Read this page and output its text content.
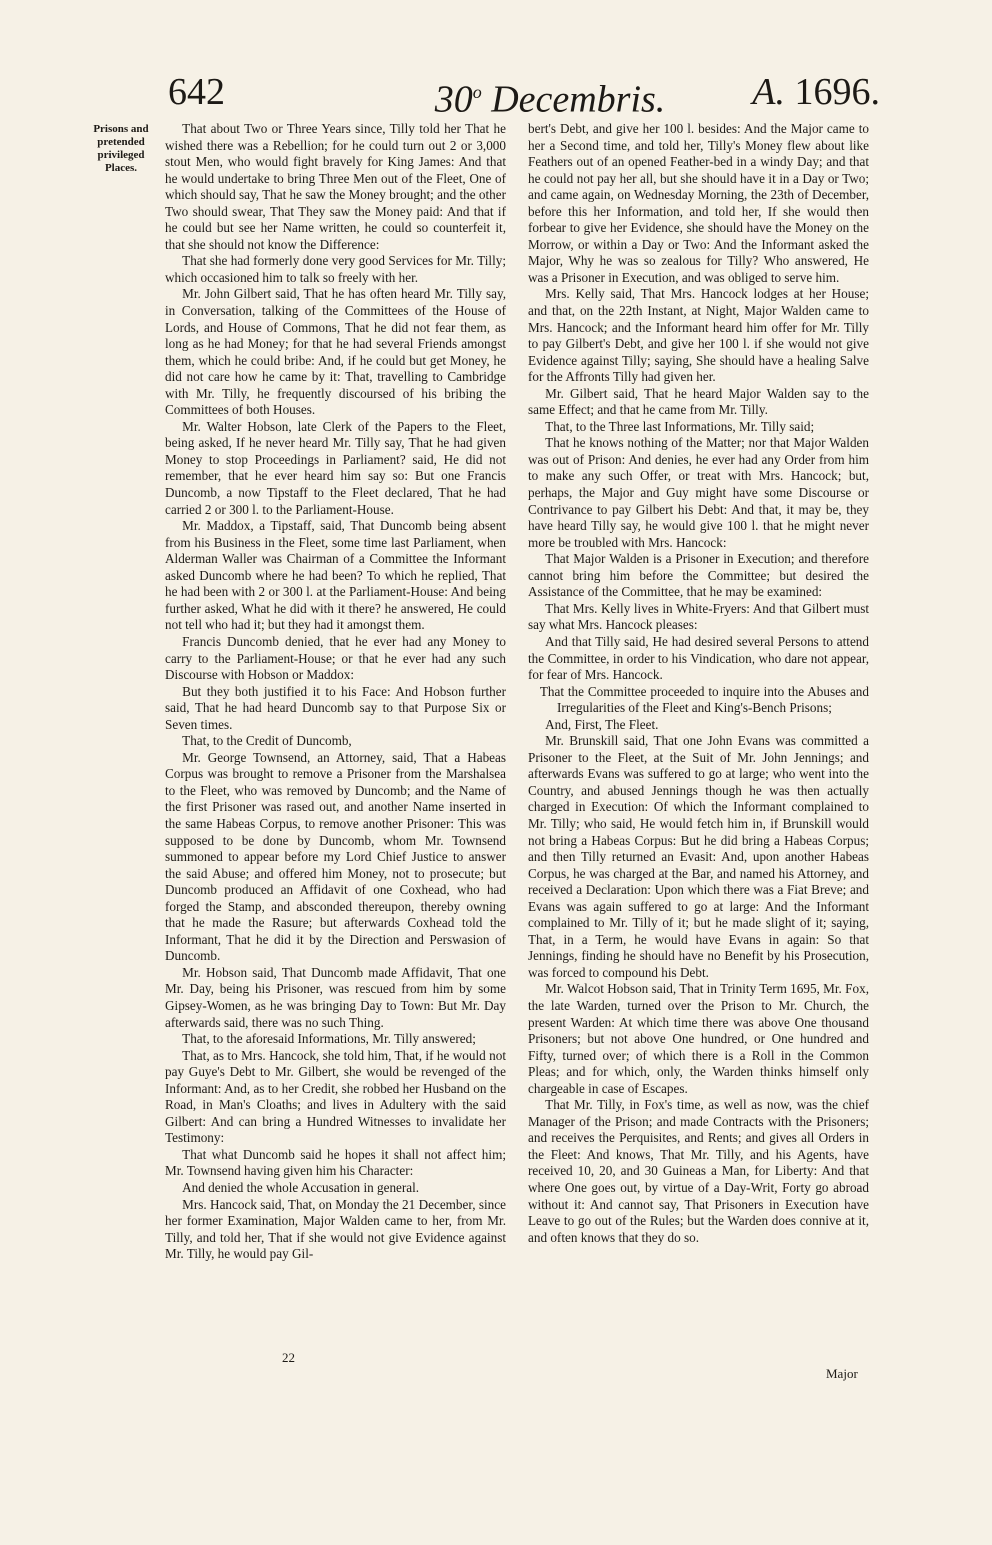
642	30$^o$ Decembris. A. 1696.
Prisons and pretended privileged Places.

That about Two or Three Years since, Tilly told her That he wished there was a Rebellion; for he could turn out 2 or 3,000 stout Men, who would fight bravely for King James: And that he would undertake to bring Three Men out of the Fleet, One of which should say, That he saw the Money brought; and the other Two should swear, That They saw the Money paid: And that if he could but see her Name written, he could so counterfeit it, that she should not know the Difference:

That she had formerly done very good Services for Mr. Tilly; which occasioned him to talk so freely with her.

Mr. John Gilbert said, That he has often heard Mr. Tilly say, in Conversation, talking of the Committees of the House of Lords, and House of Commons, That he did not fear them, as long as he had Money; for that he had several Friends amongst them, which he could bribe: And, if he could but get Money, he did not care how he came by it: That, travelling to Cambridge with Mr. Tilly, he frequently discoursed of his bribing the Committees of both Houses.

Mr. Walter Hobson, late Clerk of the Papers to the Fleet, being asked, If he never heard Mr. Tilly say, That he had given Money to stop Proceedings in Parliament? said, He did not remember, that he ever heard him say so: But one Francis Duncomb, a now Tipstaff to the Fleet declared, That he had carried 2 or 300 l. to the Parliament-House.

Mr. Maddox, a Tipstaff, said, That Duncomb being absent from his Business in the Fleet, some time last Parliament, when Alderman Waller was Chairman of a Committee the Informant asked Duncomb where he had been? To which he replied, That he had been with 2 or 300 l. at the Parliament-House: And being further asked, What he did with it there? he answered, He could not tell who had it; but they had it amongst them.

Francis Duncomb denied, that he ever had any Money to carry to the Parliament-House; or that he ever had any such Discourse with Hobson or Maddox:

But they both justified it to his Face: And Hobson further said, That he had heard Duncomb say to that Purpose Six or Seven times.

That, to the Credit of Duncomb,

Mr. George Townsend, an Attorney, said, That a Habeas Corpus was brought to remove a Prisoner from the Marshalsea to the Fleet, who was removed by Duncomb; and the Name of the first Prisoner was rased out, and another Name inserted in the same Habeas Corpus, to remove another Prisoner: This was supposed to be done by Duncomb, whom Mr. Townsend summoned to appear before my Lord Chief Justice to answer the said Abuse; and offered him Money, not to prosecute; but Duncomb produced an Affidavit of one Coxhead, who had forged the Stamp, and absconded thereupon, thereby owning that he made the Rasure; but afterwards Coxhead told the Informant, That he did it by the Direction and Perswasion of Duncomb.

Mr. Hobson said, That Duncomb made Affidavit, That one Mr. Day, being his Prisoner, was rescued from him by some Gipsey-Women, as he was bringing Day to Town: But Mr. Day afterwards said, there was no such Thing.

That, to the aforesaid Informations, Mr. Tilly answered;

That, as to Mrs. Hancock, she told him, That, if he would not pay Guye's Debt to Mr. Gilbert, she would be revenged of the Informant: And, as to her Credit, she robbed her Husband on the Road, in Man's Cloaths; and lives in Adultery with the said Gilbert: And can bring a Hundred Witnesses to invalidate her Testimony:

That what Duncomb said he hopes it shall not affect him; Mr. Townsend having given him his Character:

And denied the whole Accusation in general.

Mrs. Hancock said, That, on Monday the 21 December, since her former Examination, Major Walden came to her, from Mr. Tilly, and told her, That if she would not give Evidence against Mr. Tilly, he would pay Gil-

bert's Debt, and give her 100 l. besides: And the Major came to her a Second time, and told her, Tilly's Money flew about like Feathers out of an opened Feather-bed in a windy Day; and that he could not pay her all, but she should have it in a Day or Two; and came again, on Wednesday Morning, the 23th of December, before this her Information, and told her, If she would then forbear to give her Evidence, she should have the Money on the Morrow, or within a Day or Two: And the Informant asked the Major, Why he was so zealous for Tilly? Who answered, He was a Prisoner in Execution, and was obliged to serve him.

Mrs. Kelly said, That Mrs. Hancock lodges at her House; and that, on the 22th Instant, at Night, Major Walden came to Mrs. Hancock; and the Informant heard him offer for Mr. Tilly to pay Gilbert's Debt, and give her 100 l. if she would not give Evidence against Tilly; saying, She should have a healing Salve for the Affronts Tilly had given her.

Mr. Gilbert said, That he heard Major Walden say to the same Effect; and that he came from Mr. Tilly.

That, to the Three last Informations, Mr. Tilly said;

That he knows nothing of the Matter; nor that Major Walden was out of Prison: And denies, he ever had any Order from him to make any such Offer, or treat with Mrs. Hancock; but, perhaps, the Major and Guy might have some Discourse or Contrivance to pay Gilbert his Debt: And that, it may be, they have heard Tilly say, he would give 100 l. that he might never more be troubled with Mrs. Hancock:

That Major Walden is a Prisoner in Execution; and therefore cannot bring him before the Committee; but desired the Assistance of the Committee, that he may be examined:

That Mrs. Kelly lives in White-Fryers: And that Gilbert must say what Mrs. Hancock pleases:

And that Tilly said, He had desired several Persons to attend the Committee, in order to his Vindication, who dare not appear, for fear of Mrs. Hancock.

That the Committee proceeded to inquire into the Abuses and Irregularities of the Fleet and King's-Bench Prisons;

And, First, The Fleet.

Mr. Brunskill said, That one John Evans was committed a Prisoner to the Fleet, at the Suit of Mr. John Jennings; and afterwards Evans was suffered to go at large; who went into the Country, and abused Jennings though he was then actually charged in Execution: Of which the Informant complained to Mr. Tilly; who said, He would fetch him in, if Brunskill would not bring a Habeas Corpus: But he did bring a Habeas Corpus; and then Tilly returned an Evasit: And, upon another Habeas Corpus, he was charged at the Bar, and named his Attorney, and received a Declaration: Upon which there was a Fiat Breve; and Evans was again suffered to go at large: And the Informant complained to Mr. Tilly of it; but he made slight of it; saying, That, in a Term, he would have Evans in again: So that Jennings, finding he should have no Benefit by his Prosecution, was forced to compound his Debt.

Mr. Walcot Hobson said, That in Trinity Term 1695, Mr. Fox, the late Warden, turned over the Prison to Mr. Church, the present Warden: At which time there was above One thousand Prisoners; but not above One hundred, or One hundred and Fifty, turned over; of which there is a Roll in the Common Pleas; and for which, only, the Warden thinks himself only chargeable in case of Escapes.

That Mr. Tilly, in Fox's time, as well as now, was the chief Manager of the Prison; and made Contracts with the Prisoners; and receives the Perquisites, and Rents; and gives all Orders in the Fleet: And knows, That Mr. Tilly, and his Agents, have received 10, 20, and 30 Guineas a Man, for Liberty: And that where One goes out, by virtue of a Day-Writ, Forty go abroad without it: And cannot say, That Prisoners in Execution have Leave to go out of the Rules; but the Warden does connive at it, and often knows that they do so.

22
Major
